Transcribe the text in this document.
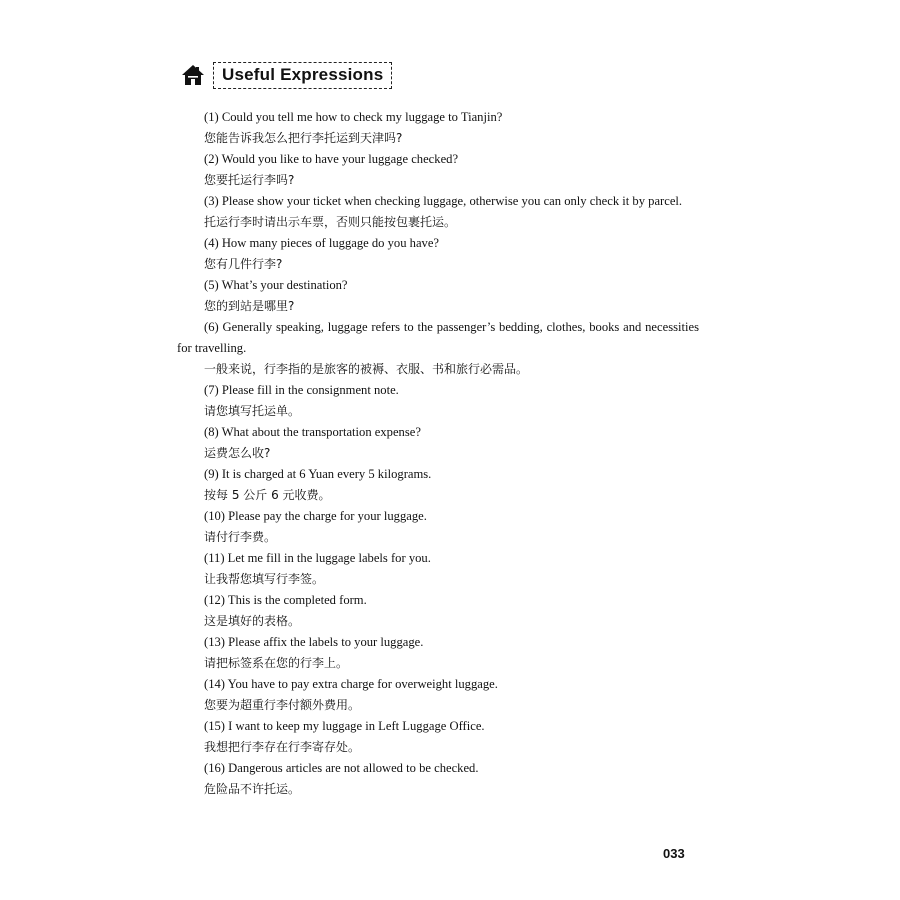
Useful Expressions

(1) Could you tell me how to check my luggage to Tianjin?

您能告诉我怎么把行李托运到天津吗?

(2) Would you like to have your luggage checked?

您要托运行李吗?

(3) Please show your ticket when checking luggage, otherwise you can only check it by parcel.

托运行李时请出示车票，否则只能按包裹托运。

(4) How many pieces of luggage do you have?

您有几件行李?

(5) What’s your destination?

您的到站是哪里?

(6) Generally speaking, luggage refers to the passenger’s bedding, clothes, books and necessities for travelling.

一般来说，行李指的是旅客的被褥、衣服、书和旅行必需品。

(7) Please fill in the consignment note.

请您填写托运单。

(8) What about the transportation expense?

运费怎么收?

(9) It is charged at 6 Yuan every 5 kilograms.

按每 5 公斤 6 元收费。

(10) Please pay the charge for your luggage.

请付行李费。

(11) Let me fill in the luggage labels for you.

让我帮您填写行李签。

(12) This is the completed form.

这是填好的表格。

(13) Please affix the labels to your luggage.

请把标签系在您的行李上。

(14) You have to pay extra charge for overweight luggage.

您要为超重行李付额外费用。

(15) I want to keep my luggage in Left Luggage Office.

我想把行李存在行李寄存处。

(16) Dangerous articles are not allowed to be checked.

危险品不许托运。

033
